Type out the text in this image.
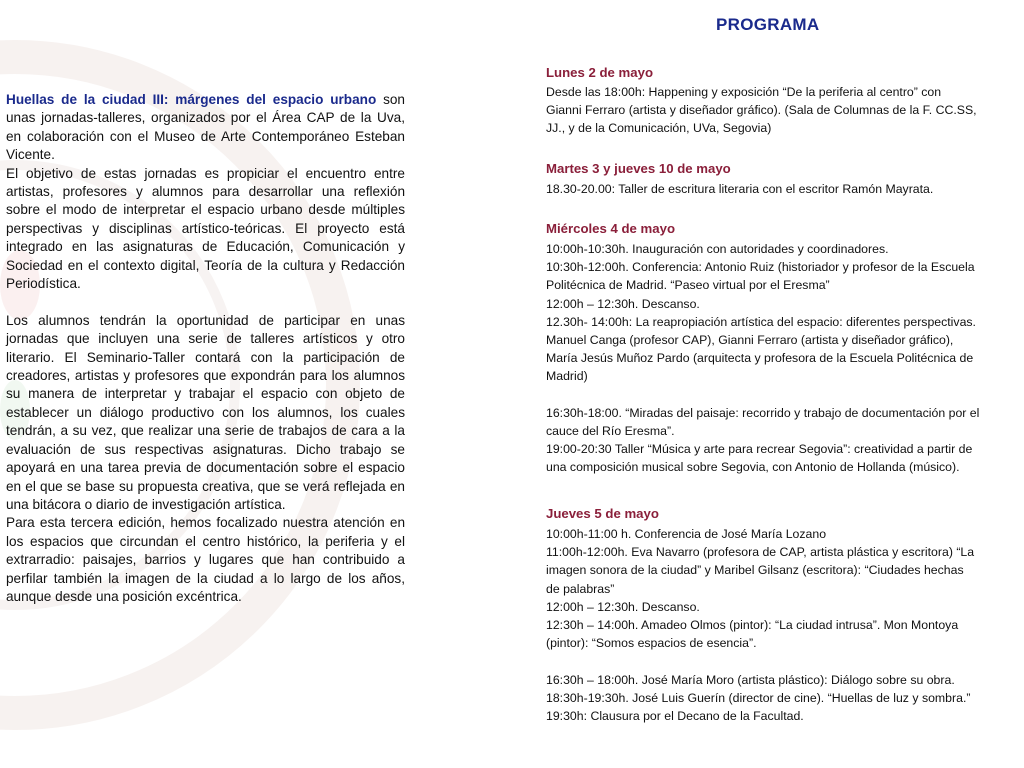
Huellas de la ciudad III: márgenes del espacio urbano son unas jornadas-talleres, organizados por el Área CAP de la Uva, en colaboración con el Museo de Arte Contemporáneo Esteban Vicente.

El objetivo de estas jornadas es propiciar el encuentro entre artistas, profesores y alumnos para desarrollar una reflexión sobre el modo de interpretar el espacio urbano desde múltiples perspectivas y disciplinas artístico-teóricas. El proyecto está integrado en las asignaturas de Educación, Comunicación y Sociedad en el contexto digital, Teoría de la cultura y Redacción Periodística.

Los alumnos tendrán la oportunidad de participar en unas jornadas que incluyen una serie de talleres artísticos y otro literario. El Seminario-Taller contará con la participación de creadores, artistas y profesores que expondrán para los alumnos su manera de interpretar y trabajar el espacio con objeto de establecer un diálogo productivo con los alumnos, los cuales tendrán, a su vez, que realizar una serie de trabajos de cara a la evaluación de sus respectivas asignaturas. Dicho trabajo se apoyará en una tarea previa de documentación sobre el espacio en el que se base su propuesta creativa, que se verá reflejada en una bitácora o diario de investigación artística.

Para esta tercera edición, hemos focalizado nuestra atención en los espacios que circundan el centro histórico, la periferia y el extrarradio: paisajes, barrios y lugares que han contribuido a perfilar también la imagen de la ciudad a lo largo de los años, aunque desde una posición excéntrica.

PROGRAMA
Lunes 2 de mayo
Desde las 18:00h: Happening y exposición “De la periferia al centro” con
Gianni Ferraro (artista y diseñador gráfico). (Sala de Columnas de la F. CC.SS,
JJ., y de la Comunicación, UVa, Segovia)
Martes 3 y jueves 10 de mayo
18.30-20.00: Taller de escritura literaria con el escritor Ramón Mayrata.
Miércoles 4 de mayo
10:00h-10:30h. Inauguración con autoridades y coordinadores.
10:30h-12:00h. Conferencia: Antonio Ruiz (historiador y profesor de la Escuela
Politécnica de Madrid. “Paseo virtual por el Eresma”
12:00h – 12:30h. Descanso.
12.30h- 14:00h: La reapropiación artística del espacio: diferentes perspectivas.
Manuel Canga (profesor CAP), Gianni Ferraro (artista y diseñador gráfico),
María Jesús Muñoz Pardo (arquitecta y profesora de la Escuela Politécnica de
Madrid)

16:30h-18:00. “Miradas del paisaje: recorrido y trabajo de documentación por el
cauce del Río Eresma”.
19:00-20:30 Taller “Música y arte para recrear Segovia”: creatividad a partir de
una composición musical sobre Segovia, con Antonio de Hollanda (músico).
Jueves 5 de mayo
10:00h-11:00 h. Conferencia de José María Lozano
11:00h-12:00h. Eva Navarro (profesora de CAP, artista plástica y escritora) “La
imagen sonora de la ciudad” y Maribel Gilsanz (escritora): “Ciudades hechas
de palabras”
12:00h – 12:30h. Descanso.
12:30h – 14:00h. Amadeo Olmos (pintor): “La ciudad intrusa”. Mon Montoya
(pintor): “Somos espacios de esencia”.

16:30h – 18:00h. José María Moro (artista plástico): Diálogo sobre su obra.
18:30h-19:30h. José Luis Guerín (director de cine). “Huellas de luz y sombra.”
19:30h: Clausura por el Decano de la Facultad.
